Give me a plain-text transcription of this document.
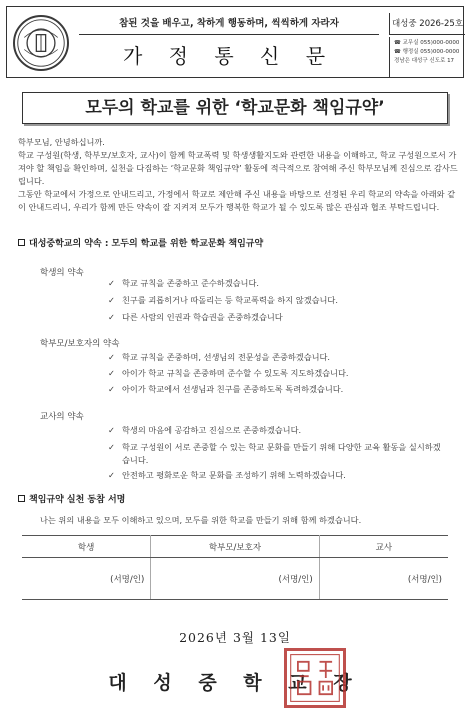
참된 것을 배우고, 착하게 행동하며, 씩씩하게 자라자
가 정 통 신 문
대성중 2026-25호
☎ 교무실 055)000-0000
☎ 행정실 055)000-0000
경남은 대성구 신도로 17
모두의 학교를 위한 ‘학교문화 책임규약’

학부모님, 안녕하십니까.

학교 구성원(학생, 학부모/보호자, 교사)이 함께 학교폭력 및 학생생활지도와 관련한 내용을 이해하고, 학교 구성원으로서 가져야 할 책임을 확인하며, 실천을 다짐하는 ‘학교문화 책임규약’ 활동에 적극적으로 참여해 주신 학부모님께 진심으로 감사드립니다.

그동안 학교에서 가정으로 안내드리고, 가정에서 학교로 제안해 주신 내용을 바탕으로 선정된 우리 학교의 약속을 아래와 같이 안내드리니, 우리가 함께 만든 약속이 잘 지켜져 모두가 행복한 학교가 될 수 있도록 많은 관심과 협조 부탁드립니다.

대성중학교의 약속 : 모두의 학교를 위한 학교문화 책임규약
학생의 약속
✓ 학교 규칙을 존중하고 준수하겠습니다.
✓ 친구를 괴롭히거나 따돌리는 등 학교폭력을 하지 않겠습니다.
✓ 다른 사람의 인권과 학습권을 존중하겠습니다
학부모/보호자의 약속
✓ 학교 규칙을 존중하며, 선생님의 전문성을 존중하겠습니다.
✓ 아이가 학교 규칙을 존중하며 준수할 수 있도록 지도하겠습니다.
✓ 아이가 학교에서 선생님과 친구를 존중하도록 독려하겠습니다.
교사의 약속
✓ 학생의 마음에 공감하고 진심으로 존중하겠습니다.
✓ 학교 구성원이 서로 존중할 수 있는 학교 문화를 만들기 위해 다양한 교육 활동을 실시하겠습니다.
✓ 안전하고 평화로운 학교 문화를 조성하기 위해 노력하겠습니다.
책임규약 실천 동참 서명
나는 위의 내용을 모두 이해하고 있으며, 모두를 위한 학교를 만들기 위해 함께 하겠습니다.
학생	학부모/보호자	교사
(서명/인)	(서명/인)	(서명/인)
2026년 3월 13일
대 성 중 학 교 장
